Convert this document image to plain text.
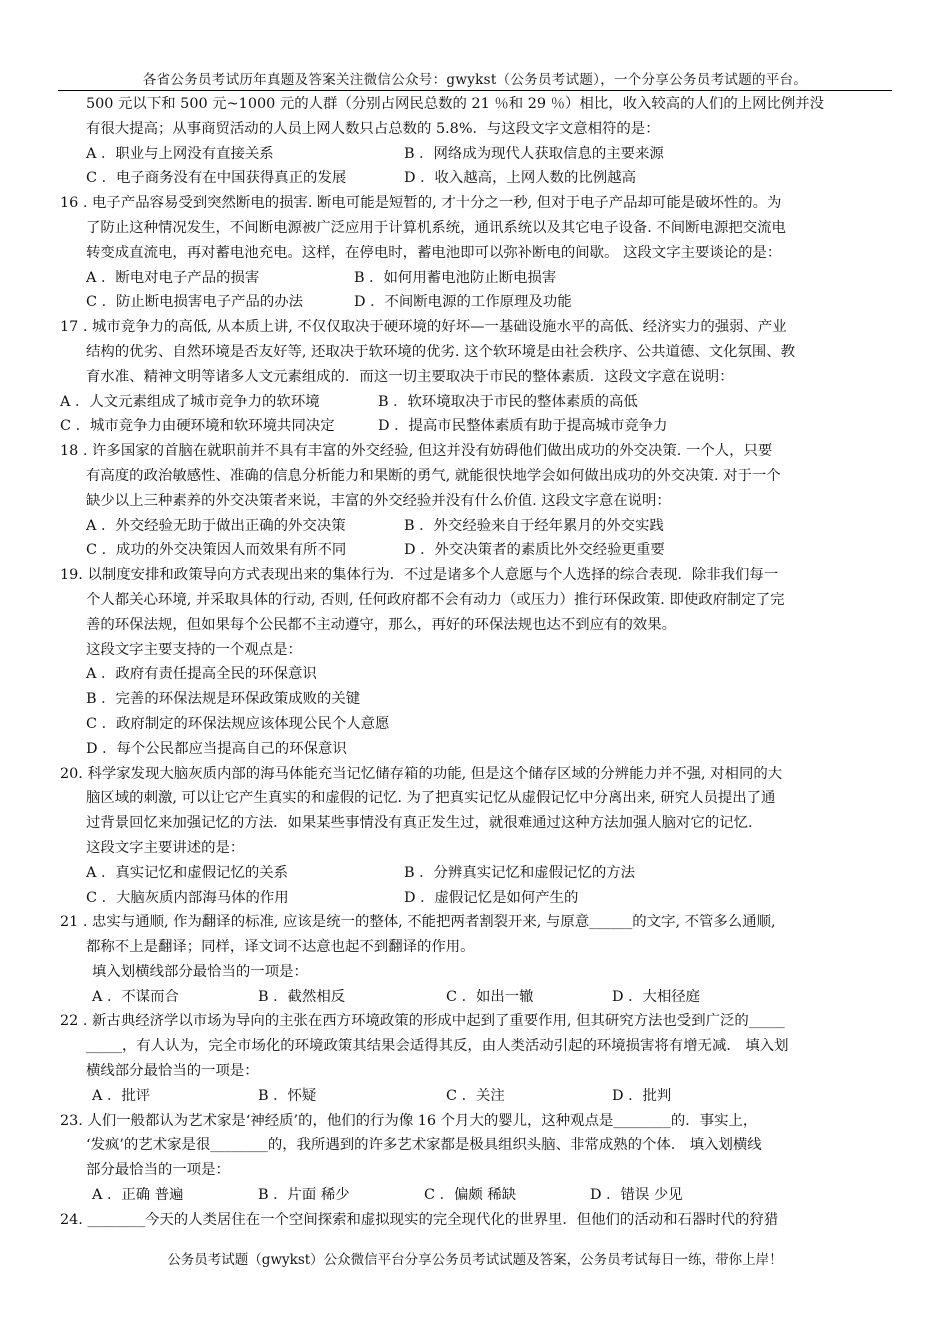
各省公务员考试历年真题及答案关注微信公众号：gwykst（公务员考试题），一个分享公务员考试题的平台。
500 元以下和 500 元~1000 元的人群（分别占网民总数的 21 ％和 29 ％）相比，收入较高的人们的上网比例并没
有很大提高；从事商贸活动的人员上网人数只占总数的 5.8%．与这段文字文意相符的是：
A ．职业与上网没有直接关系	B ．网络成为现代人获取信息的主要来源
C ．电子商务没有在中国获得真正的发展	D ．收入越高，上网人数的比例越高
16 . 电子产品容易受到突然断电的损害. 断电可能是短暂的, 才十分之一秒, 但对于电子产品却可能是破坏性的。为
了防止这种情况发生，不间断电源被广泛应用于计算机系统，通讯系统以及其它电子设备. 不间断电源把交流电
转变成直流电，再对蓄电池充电。这样，在停电时，蓄电池即可以弥补断电的间歇。 这段文字主要谈论的是：
A ．断电对电子产品的损害	B ．如何用蓄电池防止断电损害
C ．防止断电损害电子产品的办法	D ．不间断电源的工作原理及功能
17 . 城市竞争力的高低, 从本质上讲, 不仅仅取决于硬环境的好坏—一基础设施水平的高低、经济实力的强弱、产业
结构的优劣、自然环境是否友好等, 还取决于软环境的优劣. 这个软环境是由社会秩序、公共道德、文化氛围、教
育水准、精神文明等诸多人文元素组成的．而这一切主要取决于市民的整体素质．这段文字意在说明：
A ．人文元素组成了城市竞争力的软环境	B ．软环境取决于市民的整体素质的高低
C ．城市竞争力由硬环境和软环境共同决定	D ．提高市民整体素质有助于提高城市竞争力
18 . 许多国家的首脑在就职前并不具有丰富的外交经验, 但这并没有妨碍他们做出成功的外交决策. 一个人，只要
有高度的政治敏感性、准确的信息分析能力和果断的勇气, 就能很快地学会如何做出成功的外交决策. 对于一个
缺少以上三种素养的外交决策者来说，丰富的外交经验并没有什么价值. 这段文字意在说明：
A ．外交经验无助于做出正确的外交决策	B ．外交经验来自于经年累月的外交实践
C ．成功的外交决策因人而效果有所不同	D ．外交决策者的素质比外交经验更重要
19. 以制度安排和政策导向方式表现出来的集体行为．不过是诸多个人意愿与个人选择的综合表现．除非我们每一
个人都关心环境, 并采取具体的行动, 否则, 任何政府都不会有动力（或压力）推行环保政策. 即使政府制定了完
善的环保法规，但如果每个公民都不主动遵守，那么，再好的环保法规也达不到应有的效果。
这段文字主要支持的一个观点是：
A ．政府有责任提高全民的环保意识
B ．完善的环保法规是环保政策成败的关键
C ．政府制定的环保法规应该体现公民个人意愿
D ．每个公民都应当提高自己的环保意识
20. 科学家发现大脑灰质内部的海马体能充当记忆储存箱的功能, 但是这个储存区域的分辨能力并不强, 对相同的大
脑区域的刺激, 可以让它产生真实的和虚假的记忆. 为了把真实记忆从虚假记忆中分离出来, 研究人员提出了通
过背景回忆来加强记忆的方法．如果某些事情没有真正发生过，就很难通过这种方法加强人脑对它的记忆.
这段文字主要讲述的是：
A ．真实记忆和虚假记忆的关系	B ．分辨真实记忆和虚假记忆的方法
C ．大脑灰质内部海马体的作用	D ．虚假记忆是如何产生的
21 . 忠实与通顺, 作为翻译的标准, 应该是统一的整体, 不能把两者割裂开来, 与原意______的文字, 不管多么通顺,
都称不上是翻译；同样，译文词不达意也起不到翻译的作用。
填入划横线部分最恰当的一项是：
A ．不谋而合	B ．截然相反	C ．如出一辙	D ．大相径庭
22 . 新古典经济学以市场为导向的主张在西方环境政策的形成中起到了重要作用, 但其研究方法也受到广泛的_____
_____，有人认为，完全市场化的环境政策其结果会适得其反，由人类活动引起的环境损害将有增无减． 填入划
横线部分最恰当的一项是：
A ．批评	B ．怀疑	C ．关注	D ．批判
23. 人们一般都认为艺术家是‘神经质’的，他们的行为像 16 个月大的婴儿，这种观点是________的．事实上，
‘发疯’的艺术家是很________的，我所遇到的许多艺术家都是极具组织头脑、非常成熟的个体． 填入划横线
部分最恰当的一项是：
A ．正确 普遍	B ．片面 稀少	C ．偏颇 稀缺	D ．错误 少见
24. ________今天的人类居住在一个空间探索和虚拟现实的完全现代化的世界里．但他们的活动和石器时代的狩猎
公务员考试题（gwykst）公众微信平台分享公务员考试试题及答案，公务员考试每日一练，带你上岸！
